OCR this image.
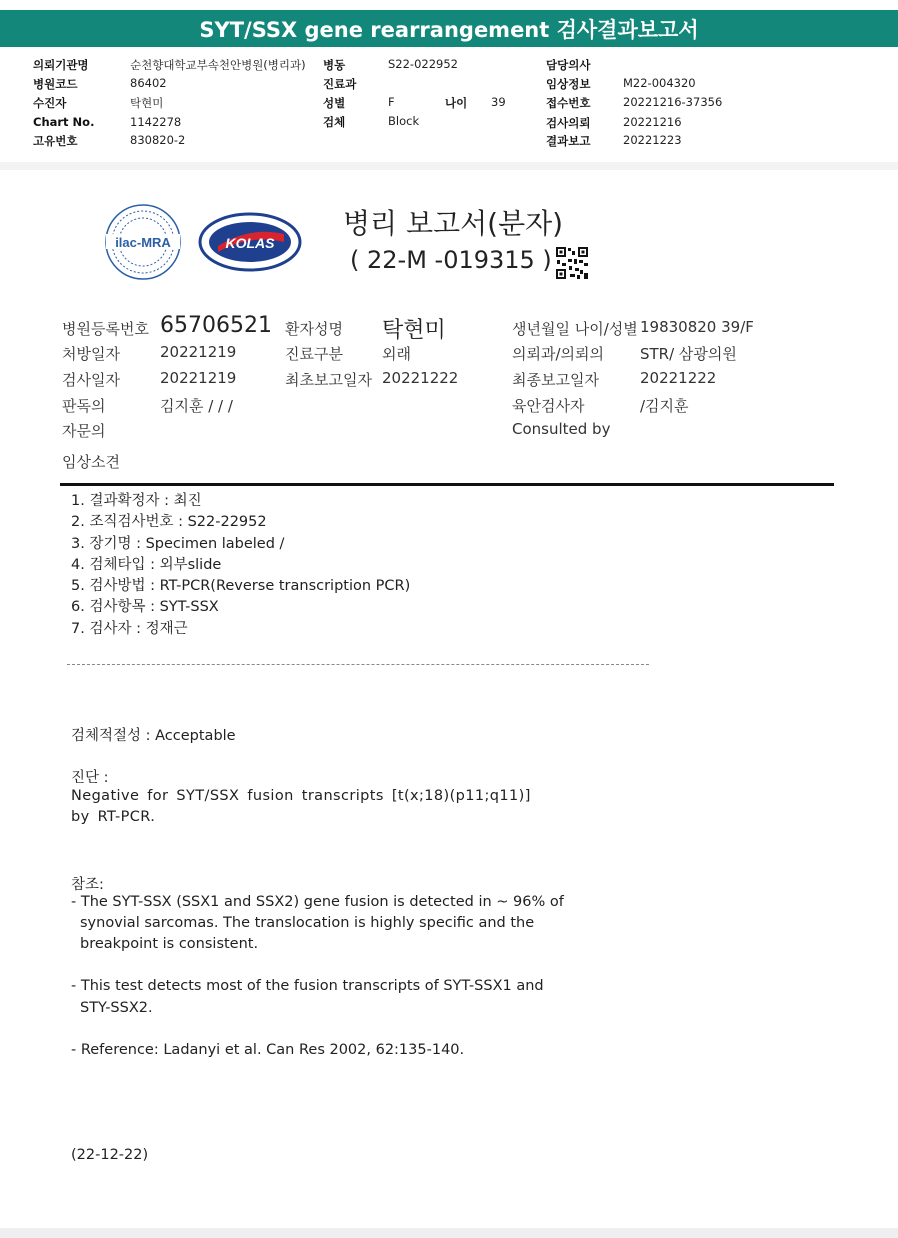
SYT/SSX gene rearrangement 검사결과보고서
의뢰기관명	순천향대학교부속천안병원(병리과) 병동	S22-022952	담당의사
병원코드	86402	진료과	임상정보	M22-004320
수진자	탁현미	성별	F	나이 39	접수번호	20221216-37356
Chart No.	1142278	검체	Block	검사의뢰	20221216
고유번호	830820-2	결과보고	20221223
ilac-MRA	KOLAS
병리 보고서(분자)
( 22-M -019315 )
병원등록번호 65706521 환자성명 탁현미	생년월일 나이/성별 19830820 39/F
처방일자	20221219	진료구분	외래	의뢰과/의뢰의 STR/ 삼광의원
검사일자	20221219	최초보고일자 20221222	최종보고일자	20221222
판독의	김지훈 / / /	육안검사자	/김지훈
자문의	Consulted by
임상소견
1. 결과확정자 : 최진
2. 조직검사번호 : S22-22952
3. 장기명 : Specimen labeled /
4. 검체타입 : 외부slide
5. 검사방법 : RT-PCR(Reverse transcription PCR)
6. 검사항목 : SYT-SSX
7. 검사자 : 정재근
검체적절성 : Acceptable
진단 :
Negative for SYT/SSX fusion transcripts [t(x;18)(p11;q11)]
by RT-PCR.
참조:
- The SYT-SSX (SSX1 and SSX2) gene fusion is detected in ~ 96% of
synovial sarcomas. The translocation is highly specific and the
breakpoint is consistent.
- This test detects most of the fusion transcripts of SYT-SSX1 and
STY-SSX2.
- Reference: Ladanyi et al. Can Res 2002, 62:135-140.
(22-12-22)
